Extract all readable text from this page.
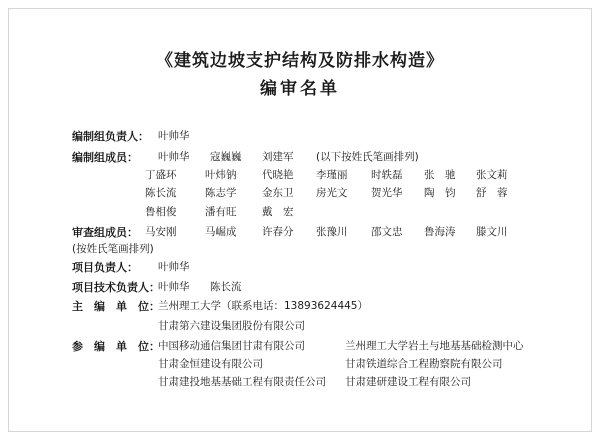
《建筑边坡支护结构及防排水构造》
编审名单
编制组负责人： 叶帅华
编制组成员： 叶帅华 寇巍巍 刘建军 (以下按姓氏笔画排列)
丁盛环	叶炜钠 代晓艳 李瑾丽 时轶磊 张　驰 张文莉
陈长流	陈志学 金东卫 房光文 贺光华 陶　钧 舒　蓉
鲁相俊	潘有旺 戴　宏
审查组成员： 马安刚	马崛成 许春分 张豫川 邵文忠 鲁海涛 滕文川
(按姓氏笔画排列)
项目负责人： 叶帅华
项目技术负责人：
叶帅华 陈长流
主　编　单　位：
兰州理工大学（联系电话：13893624445）
甘肃第六建设集团股份有限公司
参　编　单　位：
中国移动通信集团甘肃有限公司	兰州理工大学岩土与地基基础检测中心
甘肃金恒建设有限公司	甘肃铁道综合工程勘察院有限公司
甘肃建投地基基础工程有限责任公司 甘肃建研建设工程有限公司
